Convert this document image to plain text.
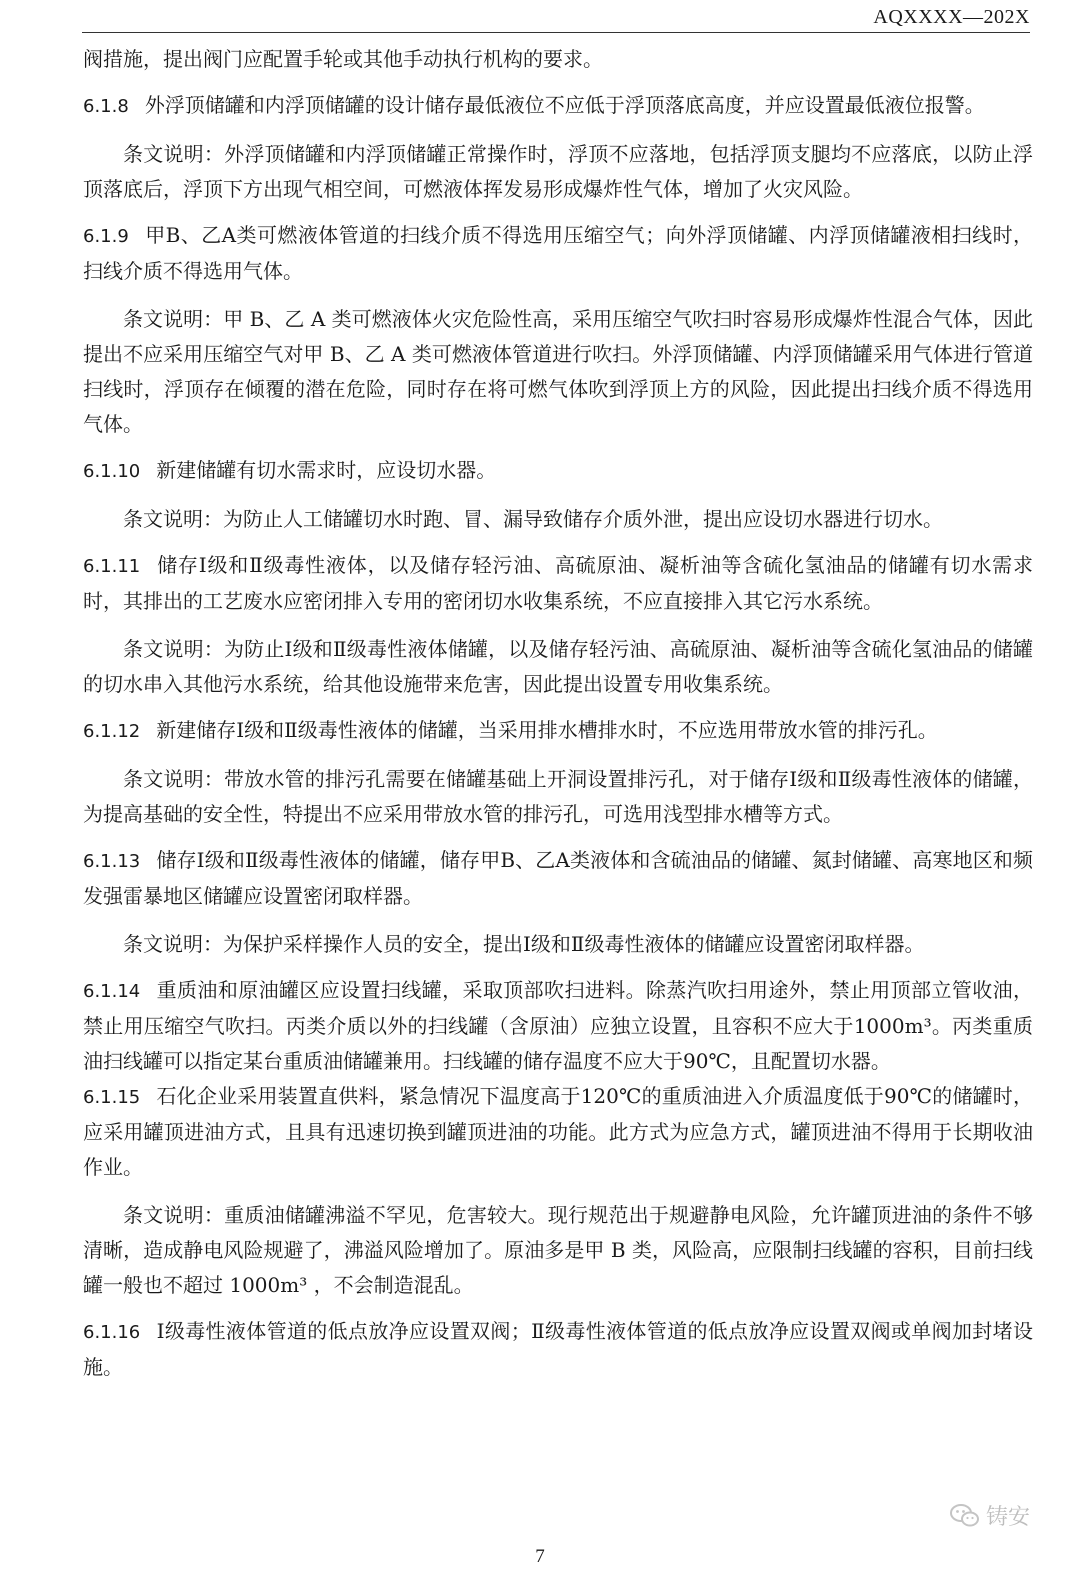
AQXXXX—202X

阀措施，提出阀门应配置手轮或其他手动执行机构的要求。

6.1.8 外浮顶储罐和内浮顶储罐的设计储存最低液位不应低于浮顶落底高度，并应设置最低液位报警。

条文说明：外浮顶储罐和内浮顶储罐正常操作时，浮顶不应落地，包括浮顶支腿均不应落底，以防止浮顶落底后，浮顶下方出现气相空间，可燃液体挥发易形成爆炸性气体，增加了火灾风险。

6.1.9 甲B、乙A类可燃液体管道的扫线介质不得选用压缩空气；向外浮顶储罐、内浮顶储罐液相扫线时，扫线介质不得选用气体。

条文说明：甲 B、乙 A 类可燃液体火灾危险性高，采用压缩空气吹扫时容易形成爆炸性混合气体，因此提出不应采用压缩空气对甲 B、乙 A 类可燃液体管道进行吹扫。外浮顶储罐、内浮顶储罐采用气体进行管道扫线时，浮顶存在倾覆的潜在危险，同时存在将可燃气体吹到浮顶上方的风险，因此提出扫线介质不得选用气体。

6.1.10 新建储罐有切水需求时，应设切水器。

条文说明：为防止人工储罐切水时跑、冒、漏导致储存介质外泄，提出应设切水器进行切水。

6.1.11 储存Ⅰ级和Ⅱ级毒性液体，以及储存轻污油、高硫原油、凝析油等含硫化氢油品的储罐有切水需求时，其排出的工艺废水应密闭排入专用的密闭切水收集系统，不应直接排入其它污水系统。

条文说明：为防止Ⅰ级和Ⅱ级毒性液体储罐，以及储存轻污油、高硫原油、凝析油等含硫化氢油品的储罐的切水串入其他污水系统，给其他设施带来危害，因此提出设置专用收集系统。

6.1.12 新建储存Ⅰ级和Ⅱ级毒性液体的储罐，当采用排水槽排水时，不应选用带放水管的排污孔。

条文说明：带放水管的排污孔需要在储罐基础上开洞设置排污孔，对于储存Ⅰ级和Ⅱ级毒性液体的储罐，为提高基础的安全性，特提出不应采用带放水管的排污孔，可选用浅型排水槽等方式。

6.1.13 储存Ⅰ级和Ⅱ级毒性液体的储罐，储存甲B、乙A类液体和含硫油品的储罐、氮封储罐、高寒地区和频发强雷暴地区储罐应设置密闭取样器。

条文说明：为保护采样操作人员的安全，提出Ⅰ级和Ⅱ级毒性液体的储罐应设置密闭取样器。

6.1.14 重质油和原油罐区应设置扫线罐，采取顶部吹扫进料。除蒸汽吹扫用途外，禁止用顶部立管收油，禁止用压缩空气吹扫。丙类介质以外的扫线罐（含原油）应独立设置，且容积不应大于1000m³。丙类重质油扫线罐可以指定某台重质油储罐兼用。扫线罐的储存温度不应大于90℃，且配置切水器。

6.1.15 石化企业采用装置直供料，紧急情况下温度高于120℃的重质油进入介质温度低于90℃的储罐时，应采用罐顶进油方式，且具有迅速切换到罐顶进油的功能。此方式为应急方式，罐顶进油不得用于长期收油作业。

条文说明：重质油储罐沸溢不罕见，危害较大。现行规范出于规避静电风险，允许罐顶进油的条件不够清晰，造成静电风险规避了，沸溢风险增加了。原油多是甲 B 类，风险高，应限制扫线罐的容积，目前扫线罐一般也不超过 1000m³ ，不会制造混乱。

6.1.16 Ⅰ级毒性液体管道的低点放净应设置双阀；Ⅱ级毒性液体管道的低点放净应设置双阀或单阀加封堵设施。

铸安
7
